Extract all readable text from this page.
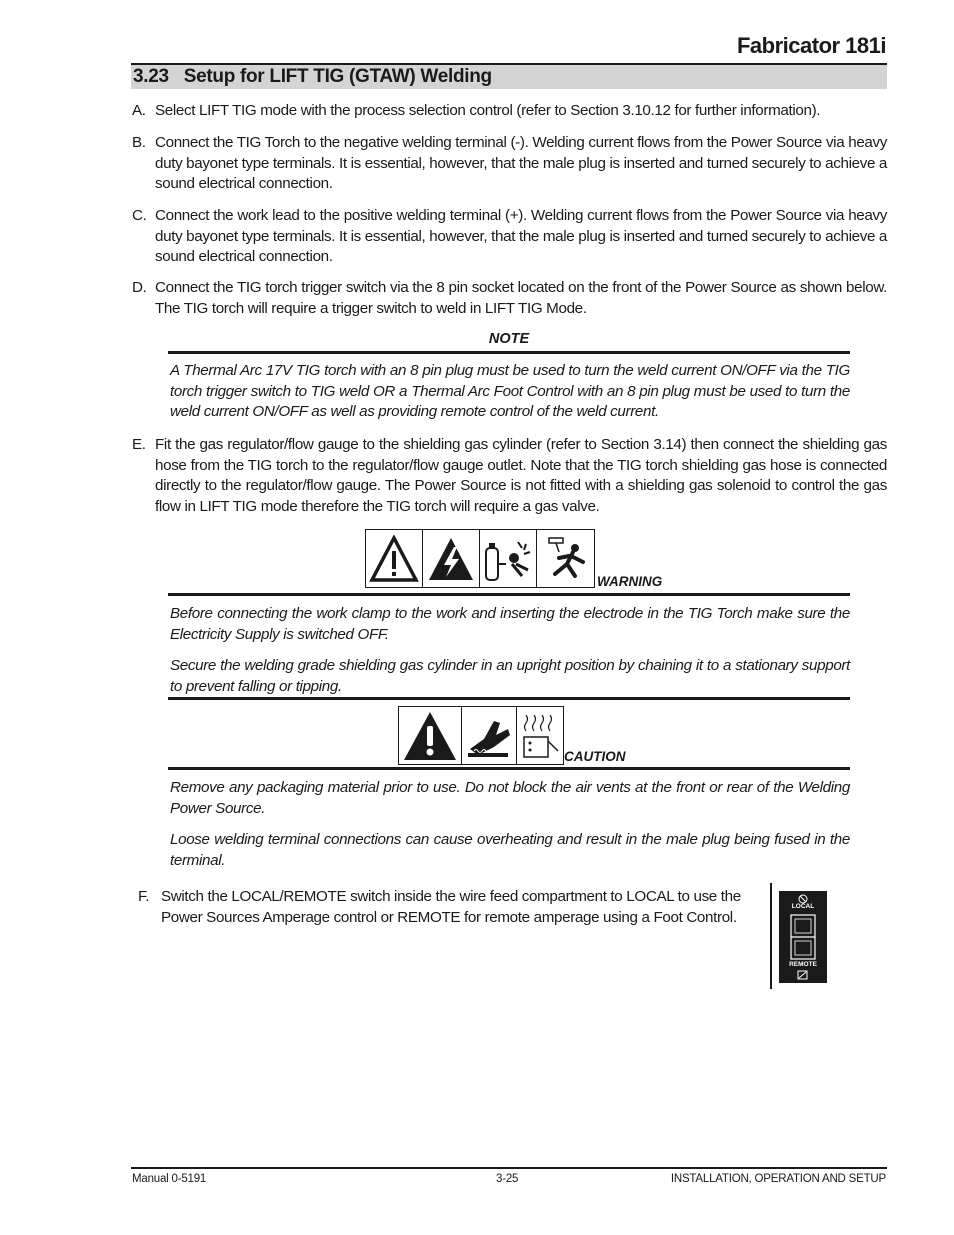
Fabricator 181i
3.23 Setup for LIFT TIG (GTAW) Welding
A. Select LIFT TIG mode with the process selection control (refer to Section 3.10.12 for further information).
B. Connect the TIG Torch to the negative welding terminal (-). Welding current flows from the Power Source via heavy duty bayonet type terminals. It is essential, however, that the male plug is inserted and turned securely to achieve a sound electrical connection.
C. Connect the work lead to the positive welding terminal (+). Welding current flows from the Power Source via heavy duty bayonet type terminals. It is essential, however, that the male plug is inserted and turned securely to achieve a sound electrical connection.
D. Connect the TIG torch trigger switch via the 8 pin socket located on the front of the Power Source as shown below. The TIG torch will require a trigger switch to weld in LIFT TIG Mode.
NOTE
A Thermal Arc 17V TIG torch with an 8 pin plug must be used to turn the weld current ON/OFF via the TIG torch trigger switch to TIG weld OR a Thermal Arc Foot Control with an 8 pin plug must be used to turn the weld current ON/OFF as well as providing remote control of the weld current.
E. Fit the gas regulator/flow gauge to the shielding gas cylinder (refer to Section 3.14) then connect the shielding gas hose from the TIG torch to the regulator/flow gauge outlet. Note that the TIG torch shielding gas hose is connected directly to the regulator/flow gauge. The Power Source is not fitted with a shielding gas solenoid to control the gas flow in LIFT TIG mode therefore the TIG torch will require a gas valve.
WARNING
Before connecting the work clamp to the work and inserting the electrode in the TIG Torch make sure the Electricity Supply is switched OFF.
Secure the welding grade shielding gas cylinder in an upright position by chaining it to a stationary support to prevent falling or tipping.
CAUTION
Remove any packaging material prior to use. Do not block the air vents at the front or rear of the Welding Power Source.
Loose welding terminal connections can cause overheating and result in the male plug being fused in the terminal.
F. Switch the LOCAL/REMOTE switch inside the wire feed compartment to LOCAL to use the Power Sources Amperage control or REMOTE for remote amperage using a Foot Control.
LOCAL
REMOTE
Manual 0-5191	3-25	INSTALLATION, OPERATION AND SETUP
